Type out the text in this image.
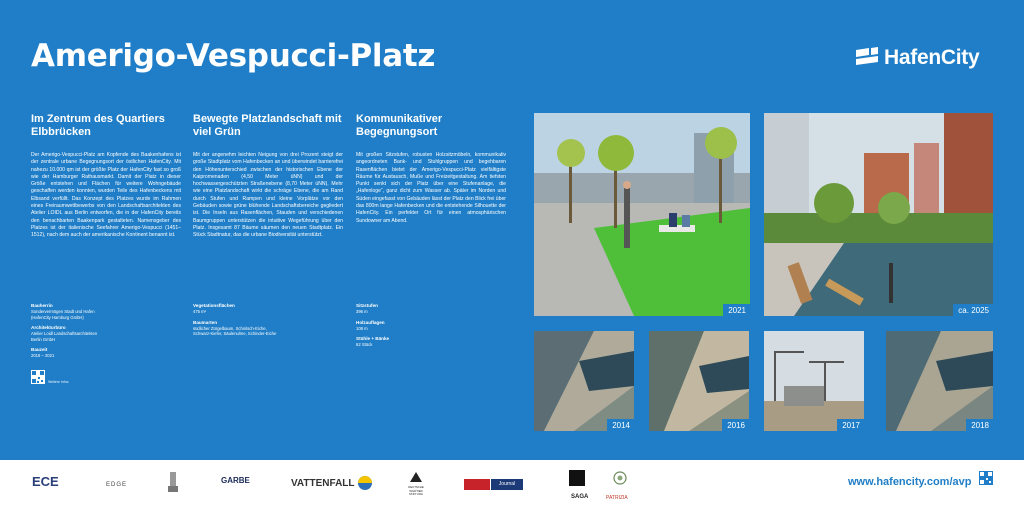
Amerigo-Vespucci-Platz	HafenCity
Im Zentrum des Quartiers Elbbrücken

Der Amerigo-Vespucci-Platz am Kopfende des Baakenhafens ist der zentrale urbane Begegnungsort der östlichen HafenCity. Mit nahezu 10.000 qm ist der größte Platz der HafenCity fast so groß wie der Hamburger Rathausmarkt. Damit der Platz in dieser Größe entstehen und Flächen für weitere Wohngebäude geschaffen werden konnten, wurden Teile des Hafenbeckens mit Elbsand verfüllt. Das Konzept des Platzes wurde im Rahmen eines Freiraumwettbewerbs von den Landschaftsarchitekten des Atelier LOIDL aus Berlin entworfen, die in der HafenCity bereits den benachbarten Baakenpark gestalteten. Namensgeber des Platzes ist der italienische Seefahrer Amerigo-Vespucci (1451–1512), nach dem auch der amerikanische Kontinent benannt ist.

Bewegte Platzlandschaft mit viel Grün

Mit der angenehm leichten Neigung von drei Prozent steigt der große Stadtplatz vom Hafenbecken an und überwindet barrierefrei den Höhenunterschied zwischen der historischen Ebene der Kaipromenaden (4,50 Meter üNN) und der hochwassergeschützten Straßenebene (8,70 Meter üNN). Mehr wie eine Platzlandschaft wirkt die schräge Ebene, die am Rand durch Stufen und Rampen und kleine Vorplätze vor den Gebäuden sowie grüne blühende Landschaftsbereiche gegliedert ist. Die Inseln aus Rasenflächen, Stauden und verschiedenen Baumgruppen unterstützen die intuitive Wegeführung über den Platz. Insgesamt 87 Bäume säumen den neuen Stadtplatz. Ein Stück Stadtnatur, das die urbane Biodiversität unterstützt.

Kommunikativer Begegnungsort

Mit großen Sitzstufen, robusten Holzsitzmöbeln, kommunikativ angeordneten Bank- und Stuhlgruppen und begehbaren Rasenflächen bietet der Amerigo-Vespucci-Platz vielfältigste Räume für Austausch, Muße und Freizeitgestaltung. Am tiefsten Punkt senkt sich der Platz über eine Stufenanlage, die „Hafenloge“, ganz dicht zum Wasser ab. Später im Norden und Süden eingefasst von Gebäuden lässt der Platz den Blick frei über das 800m lange Hafenbecken und die entstehende Silhouette der HafenCity. Ein perfekter Ort für einen atmosphärischen Sundowner am Abend.

Bauherrin
Sondervermögen Stadt und Hafen
(HafenCity Hamburg GmbH)
Architekturbüro
Atelier Loidl Landschaftsarchitekten
Berlin GmbH
Bauzeit
2018 – 2021
Vegetationsflächen
475 m²
Baumarten
südlicher Zürgelbaum, Schnitsch-Eiche,
Schwarz-Kiefer, Säulenulme, Schinder-Eiche
Sitzstufen
396 m
Holzauflagen
108 m
Stühle + Bänke
62 Stück
Weitere Infos
2021	ca. 2025
2014	2016	2017	2018
ECE	EDGE	GARBE	VATTENFALL	DEUTSCHE WILDTIER STIFTUNG
Journal
SAGA	PATRIZIA
www.hafencity.com/avp
